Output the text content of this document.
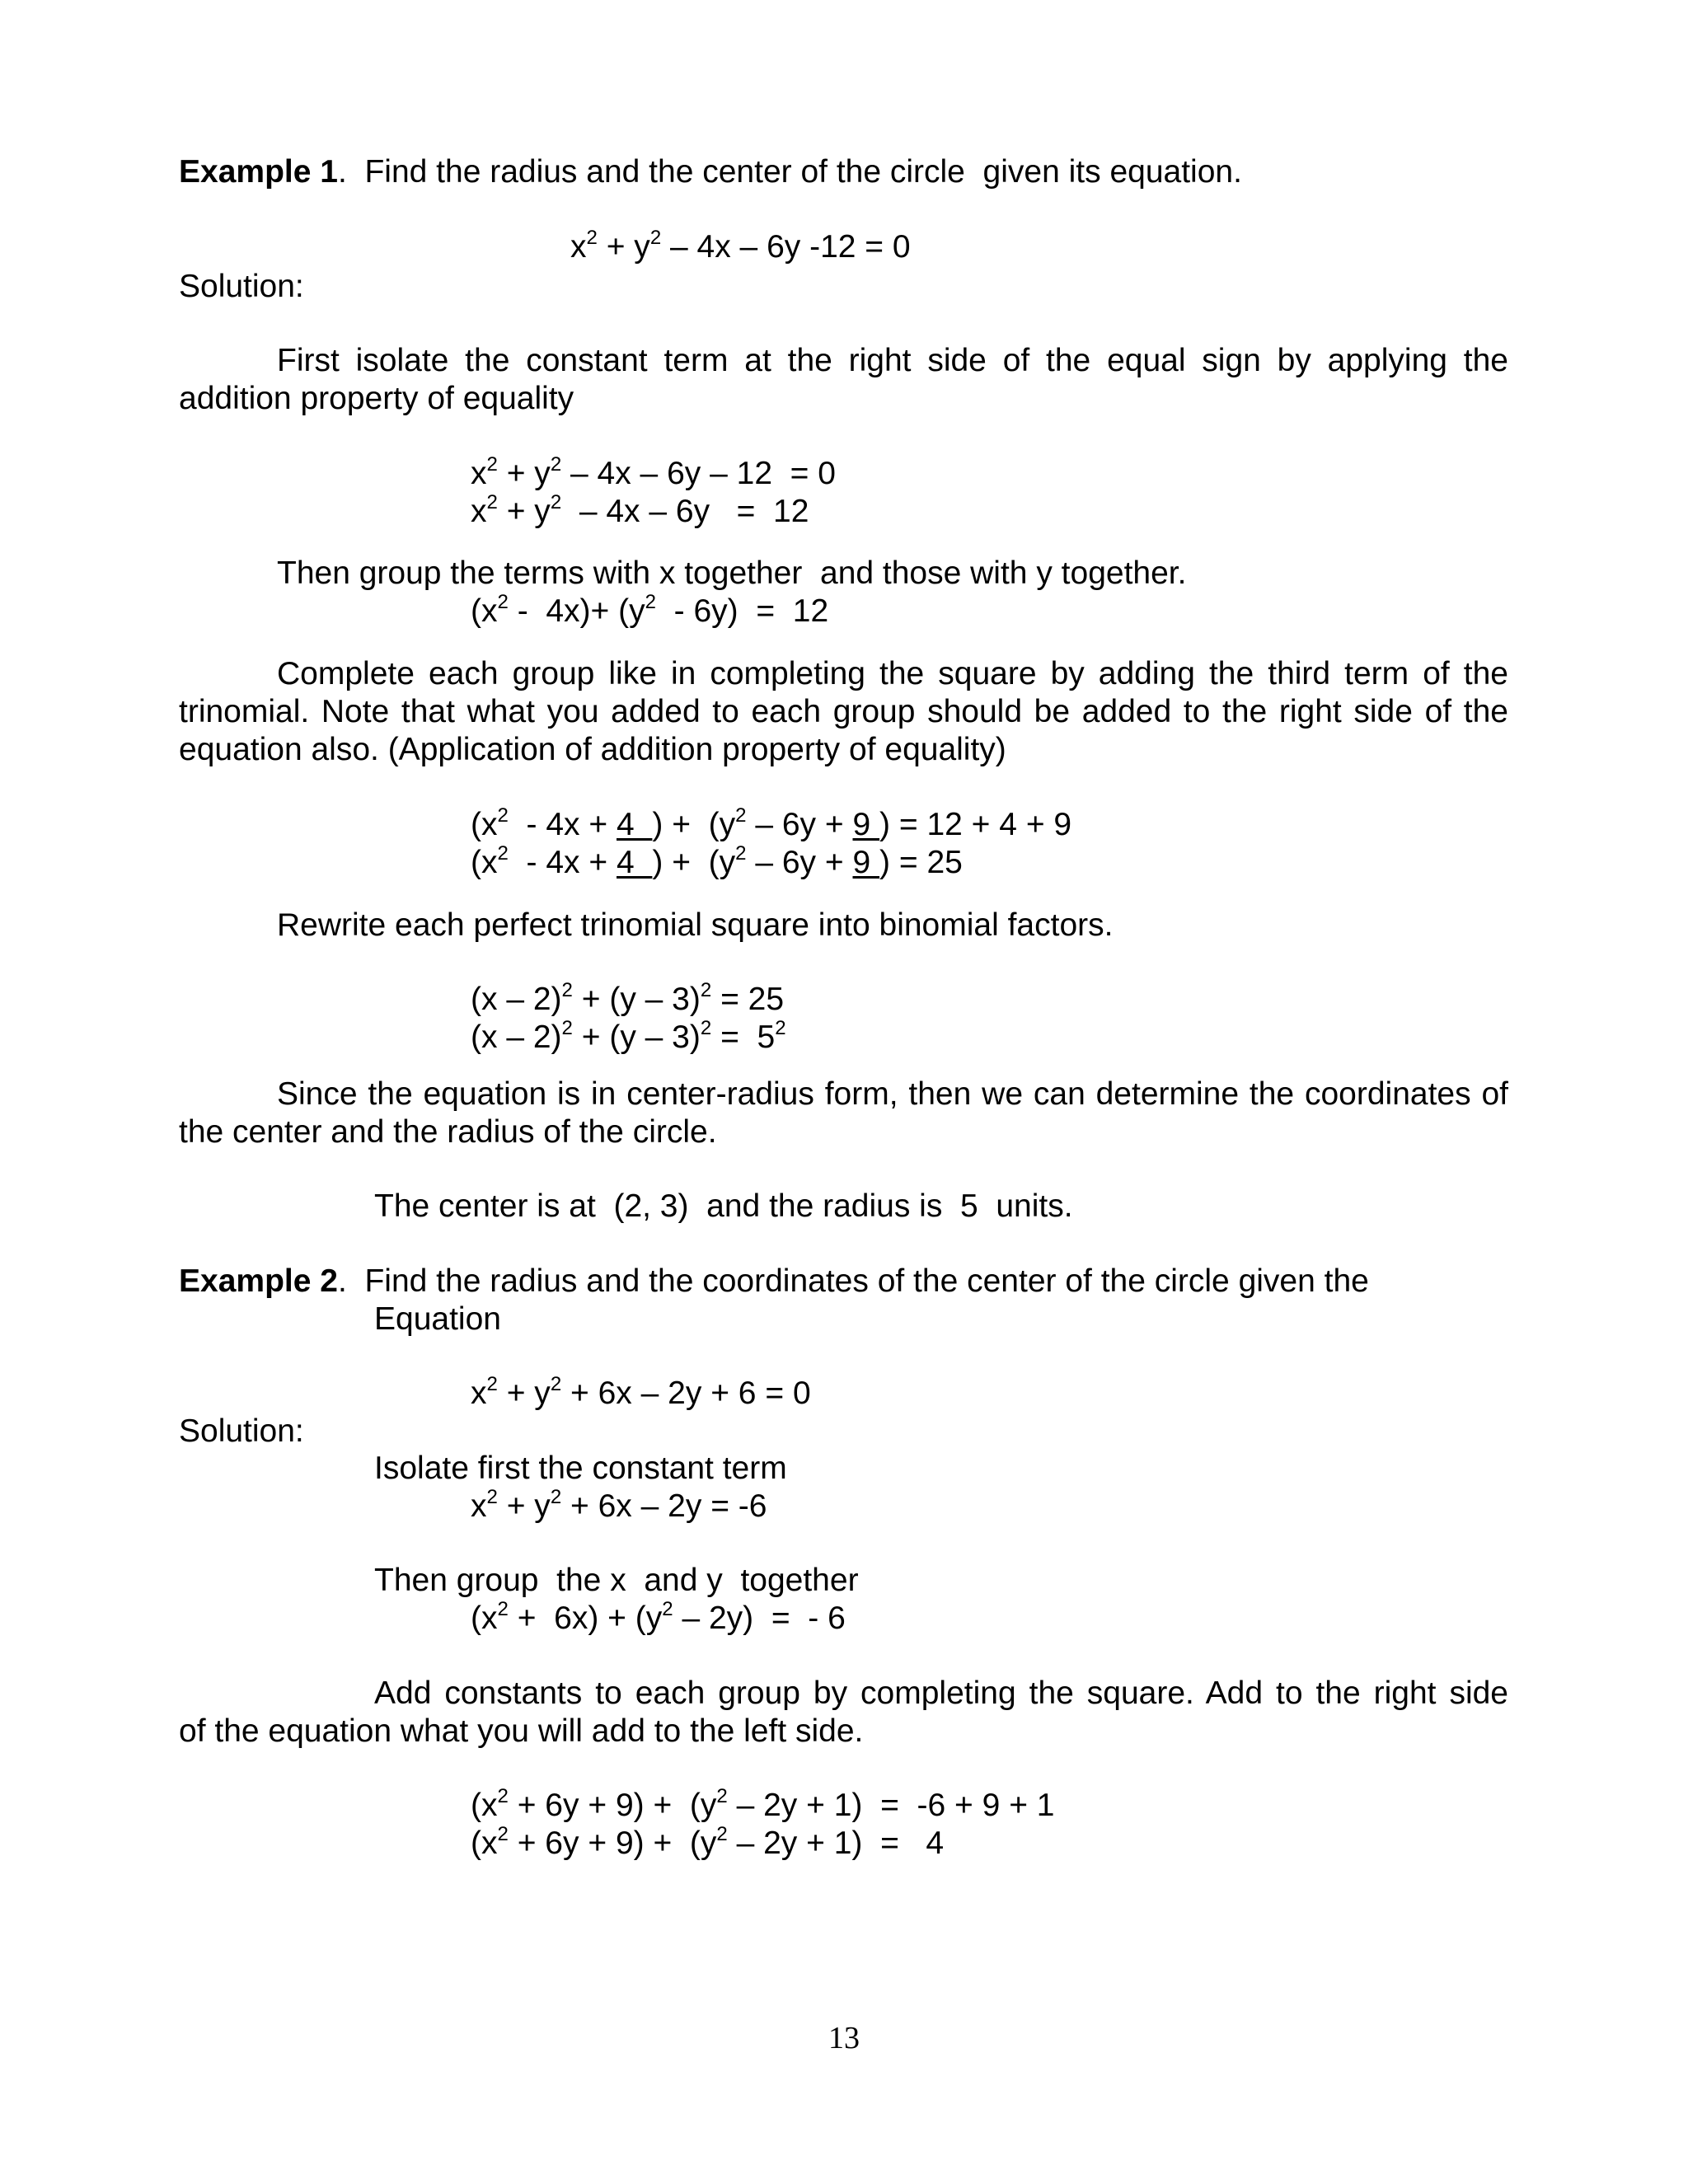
Example 1.  Find the radius and the center of the circle  given its equation.

$x^2 + y^2 - 4x - 6y$ -12 = 0

Solution:

First isolate the constant term at the right side of the equal sign by applying the

addition property of equality

$x^2 + y^2 - 4x - 6y - 12 = 0$

$x^2 + y^2 - 4x - 6y = 12$

Then group the terms with x together  and those with y together.

$(x^2 - 4x)+ (y^2 - 6y) = 12$

Complete each group like in completing the square by adding the third term of the

trinomial. Note that what you added to each group should be added to the right side of the

equation also. (Application of addition property of equality)

($x^2 - 4x + 4$  ) +  ($y^2 - 6y + 9$ ) = 12 + 4 + 9

($x^2 - 4x + 4$  ) +  ($y^2 - 6y + 9$ ) = 25

Rewrite each perfect trinomial square into binomial factors.

(x – 2)$^2$ + (y – 3)$^2$ = 25

$(x - 2)^2 + (y - 3)^2 = 5^2$

Since the equation is in center-radius form, then we can determine the coordinates of

the center and the radius of the circle.

The center is at  (2, 3)  and the radius is  5  units.

Example 2.  Find the radius and the coordinates of the center of the circle given the

Equation

$x^2 + y^2 + 6x - 2y + 6 = 0$

Solution:

Isolate first the constant term

$x^2 + y^2 + 6x - 2y = -6$

Then group  the x  and y  together

$(x^2 + 6x) + (y^2 - 2y)$  =  - 6

Add constants to each group by completing the square. Add to the right side

of the equation what you will add to the left side.

$(x^2 + 6y + 9) + (y^2 - 2y + 1) = -6 + 9 + 1$

$(x^2 + 6y + 9) + (y^2 - 2y + 1) = 4$

13
